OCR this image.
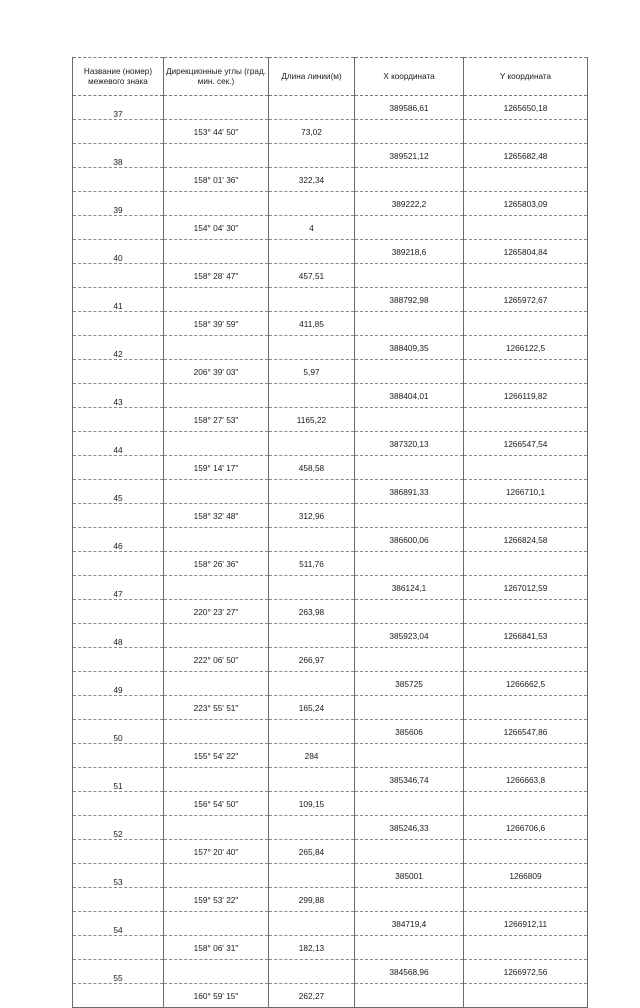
Название (номер) межевого знака	Дирекционные углы (град. мин. сек.)	Длина линии(м)	X координата	Y координата
37			389586,61	1265650,18
	153° 44' 50"	73,02		
38			389521,12	1265682,48
	158° 01' 36"	322,34		
39			389222,2	1265803,09
	154° 04' 30"	4		
40			389218,6	1265804,84
	158° 28' 47"	457,51		
41			388792,98	1265972,67
	158° 39' 59"	411,85		
42			388409,35	1266122,5
	206° 39' 03"	5,97		
43			388404,01	1266119,82
	158° 27' 53"	1165,22		
44			387320,13	1266547,54
	159° 14' 17"	458,58		
45			386891,33	1266710,1
	158° 32' 48"	312,96		
46			386600,06	1266824,58
	158° 26' 36"	511,76		
47			386124,1	1267012,59
	220° 23' 27"	263,98		
48			385923,04	1266841,53
	222° 06' 50"	266,97		
49			385725	1266662,5
	223° 55' 51"	165,24		
50			385606	1266547,86
	155° 54' 22"	284		
51			385346,74	1266663,8
	156° 54' 50"	109,15		
52			385246,33	1266706,6
	157° 20' 40"	265,84		
53			385001	1266809
	159° 53' 22"	299,88		
54			384719,4	1266912,11
	158° 06' 31"	182,13		
55			384568,96	1266972,56
	160° 59' 15"	262,27		
